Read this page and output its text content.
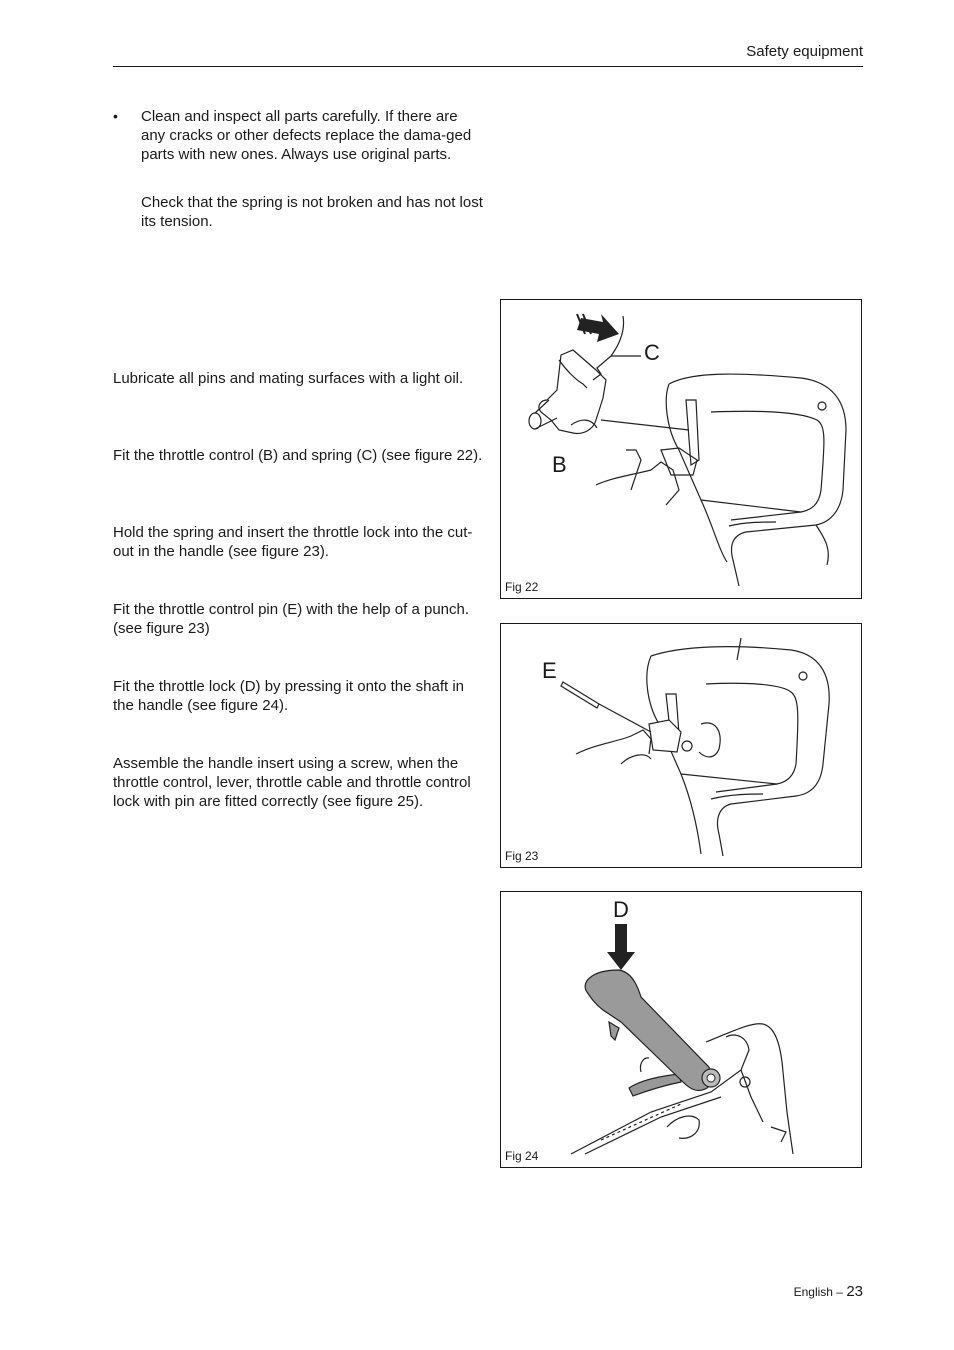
Safety equipment
• Clean and inspect all parts carefully. If there are any cracks or other defects replace the dama-ged parts with new ones. Always use original parts.
Check that the spring is not broken and has not lost its tension.
Lubricate all pins and mating surfaces with a light oil.
Fit the throttle control (B) and spring (C) (see figure 22).
Hold the spring and insert the throttle lock into the cut-out in the handle (see figure 23).
Fit the throttle control pin (E) with the help of a punch. (see figure 23)
Fit the throttle lock (D) by pressing it onto the shaft in the handle (see figure 24).
Assemble the handle insert using a screw, when the throttle control, lever, throttle cable and throttle control lock with pin are fitted correctly (see figure 25).
C
B
Fig 22
E
Fig 23
D
Fig 24
English – 23
